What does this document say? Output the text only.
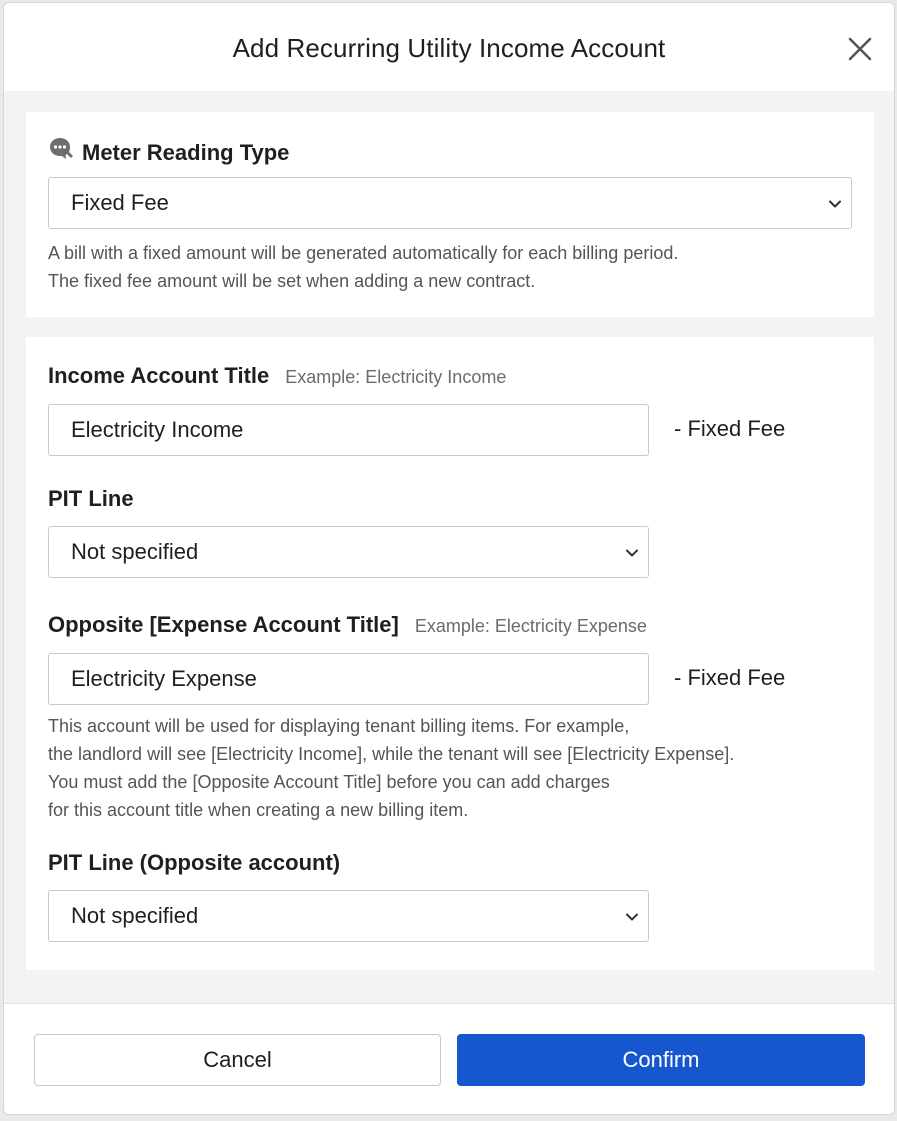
Add Recurring Utility Income Account
Meter Reading Type
Fixed Fee
A bill with a fixed amount will be generated automatically for each billing period.
The fixed fee amount will be set when adding a new contract.
Income Account Title Example: Electricity Income
Electricity Income
- Fixed Fee
PIT Line
Not specified
Opposite [Expense Account Title] Example: Electricity Expense
Electricity Expense
- Fixed Fee
This account will be used for displaying tenant billing items. For example,
the landlord will see [Electricity Income], while the tenant will see [Electricity Expense].
You must add the [Opposite Account Title] before you can add charges
for this account title when creating a new billing item.
PIT Line (Opposite account)
Not specified
Cancel	Confirm
